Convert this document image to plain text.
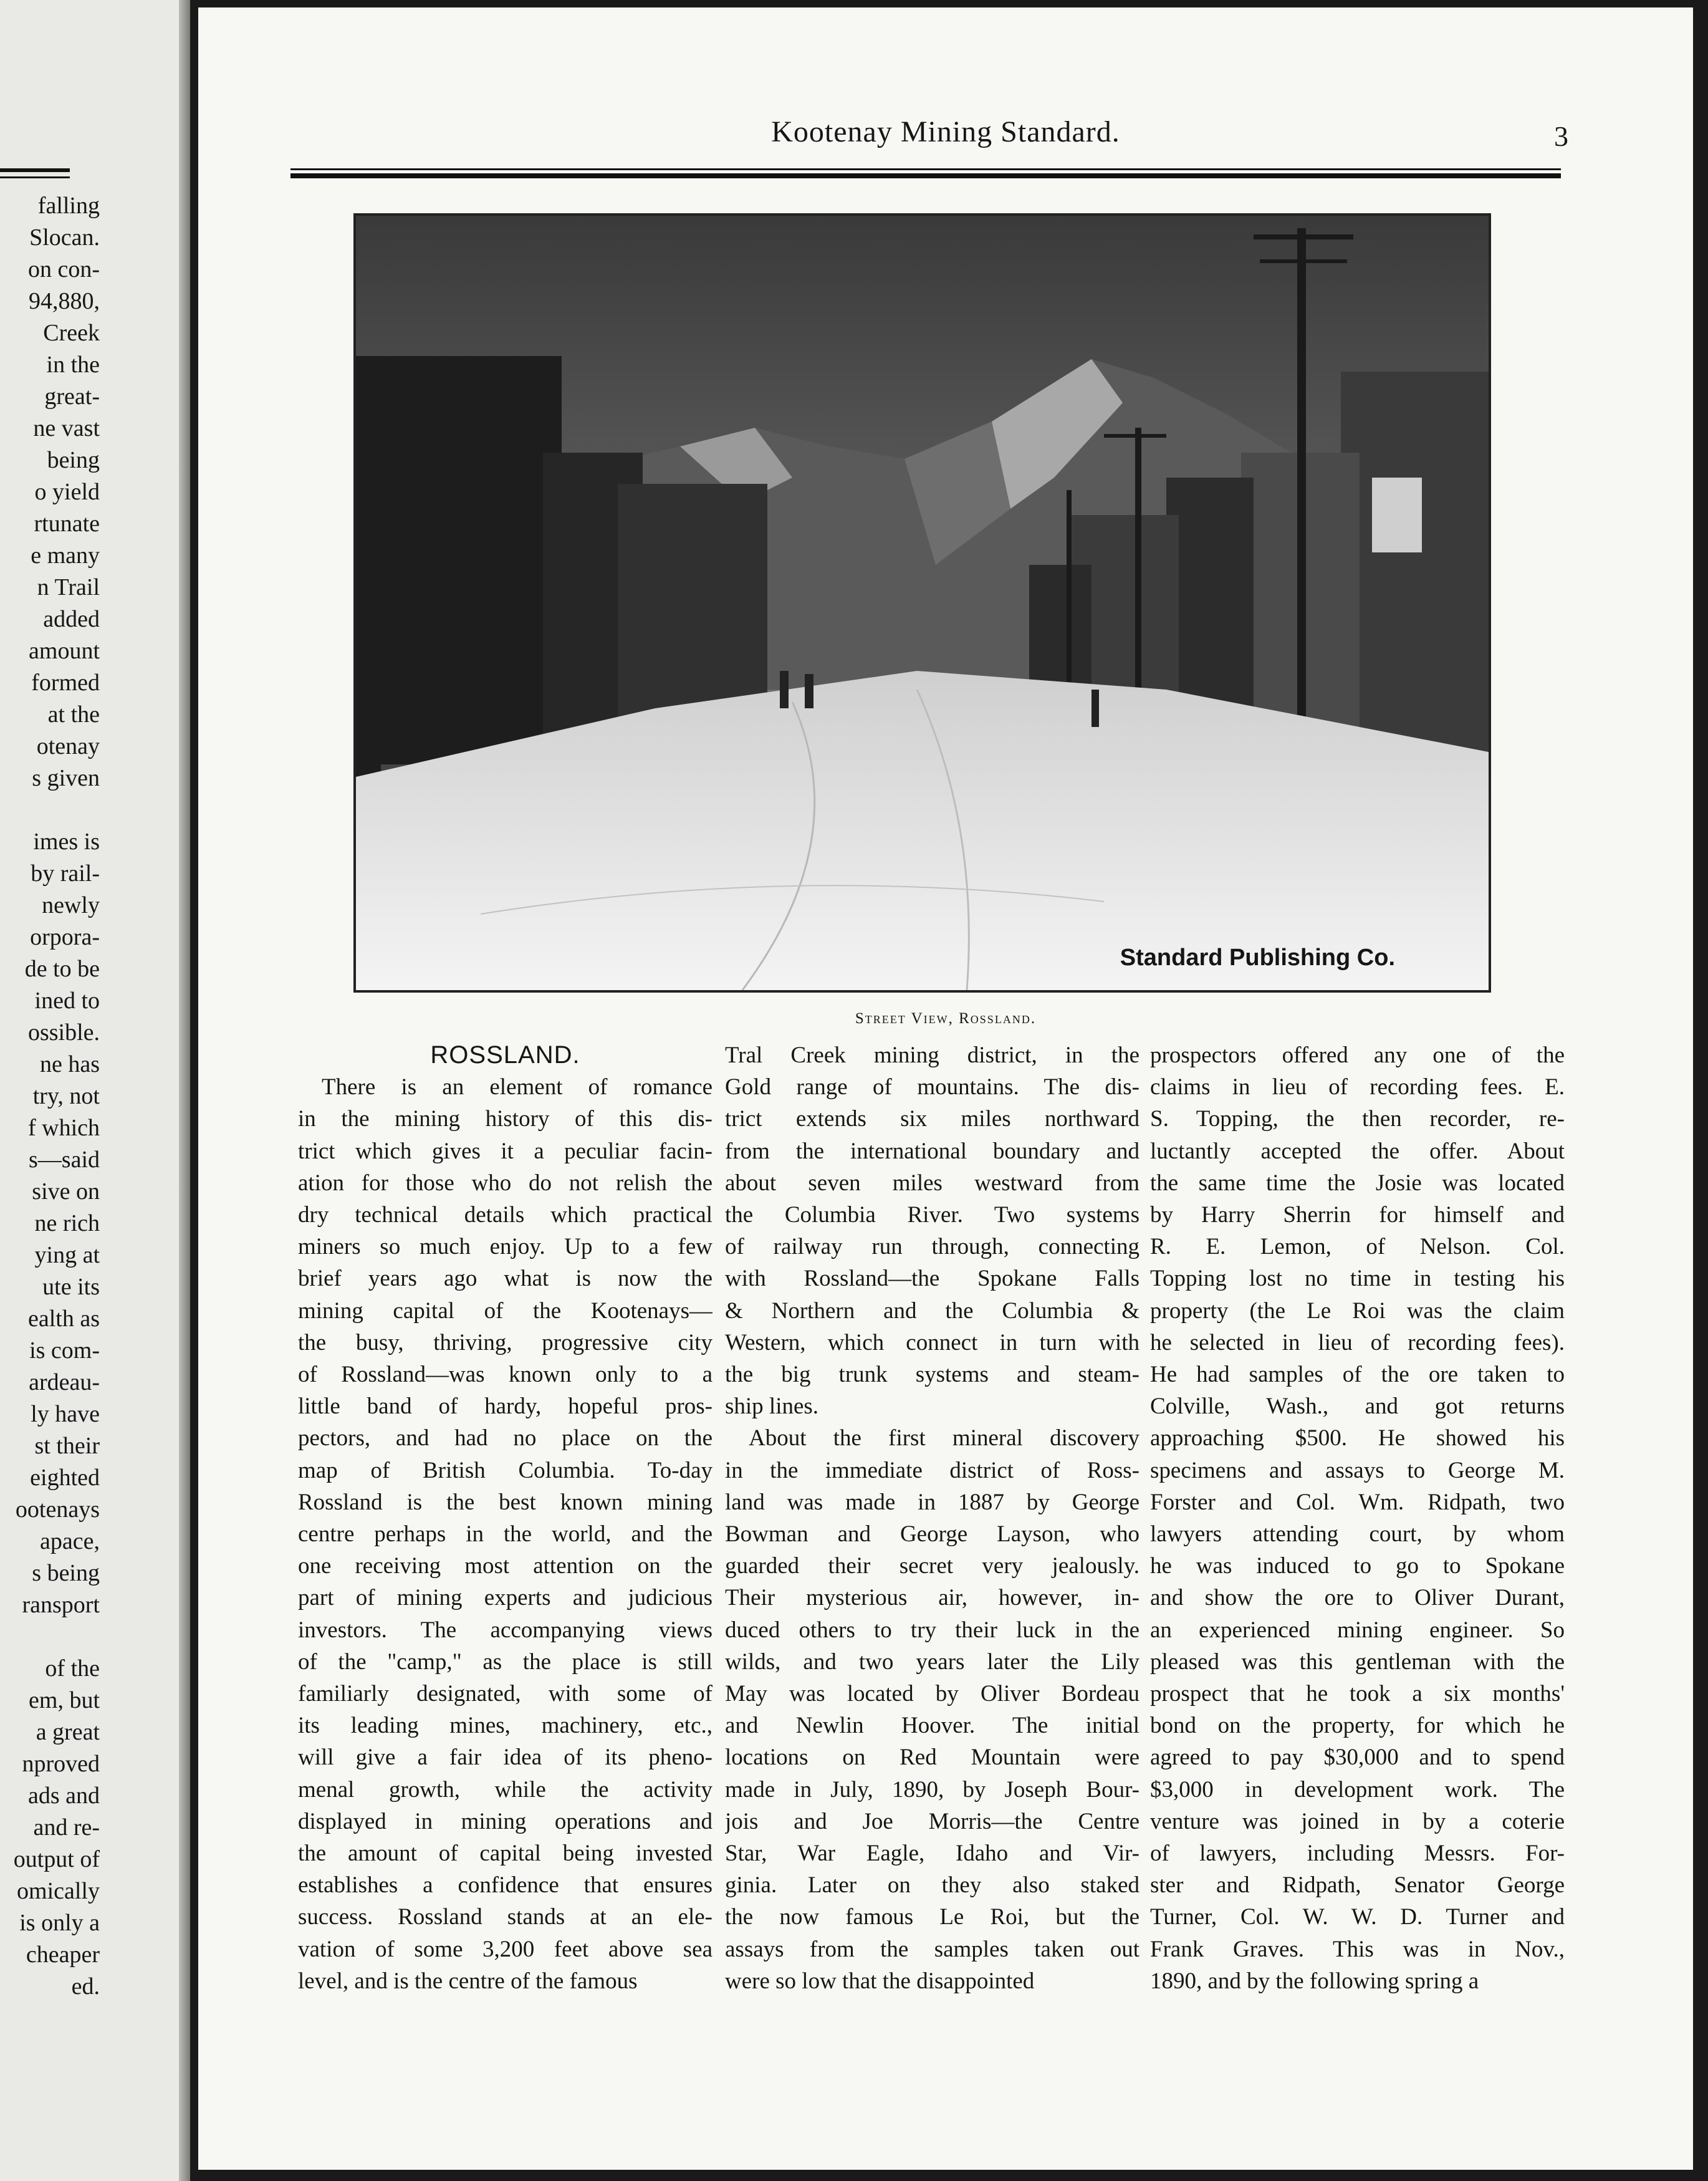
falling
Slocan.
on con-
94,880,
Creek
in the
great-
ne vast
being
o yield
rtunate
e many
n Trail
added
amount
formed
at the
otenay
s given
imes is
by rail-
newly
orpora-
de to be
ined to
ossible.
ne has
try, not
f which
s—said
sive on
ne rich
ying at
ute its
ealth as
is com-
ardeau-
ly have
st their
eighted
ootenays
apace,
s being
ransport
of the
em, but
a great
nproved
ads and
and re-
output of
omically
is only a
cheaper
ed.
Kootenay Mining Standard.	3
Standard Publishing Co.
Street View, Rossland.
ROSSLAND.
There is an element of romance
in the mining history of this dis-
trict which gives it a peculiar facin-
ation for those who do not relish the
dry technical details which practical
miners so much enjoy. Up to a few
brief years ago what is now the
mining capital of the Kootenays—
the busy, thriving, progressive city
of Rossland—was known only to a
little band of hardy, hopeful pros-
pectors, and had no place on the
map of British Columbia. To-day
Rossland is the best known mining
centre perhaps in the world, and the
one receiving most attention on the
part of mining experts and judicious
investors. The accompanying views
of the "camp," as the place is still
familiarly designated, with some of
its leading mines, machinery, etc.,
will give a fair idea of its pheno-
menal growth, while the activity
displayed in mining operations and
the amount of capital being invested
establishes a confidence that ensures
success. Rossland stands at an ele-
vation of some 3,200 feet above sea
level, and is the centre of the famous
Tral Creek mining district, in the
Gold range of mountains. The dis-
trict extends six miles northward
from the international boundary and
about seven miles westward from
the Columbia River. Two systems
of railway run through, connecting
with Rossland—the Spokane Falls
& Northern and the Columbia &
Western, which connect in turn with
the big trunk systems and steam-
ship lines.
About the first mineral discovery
in the immediate district of Ross-
land was made in 1887 by George
Bowman and George Layson, who
guarded their secret very jealously.
Their mysterious air, however, in-
duced others to try their luck in the
wilds, and two years later the Lily
May was located by Oliver Bordeau
and Newlin Hoover. The initial
locations on Red Mountain were
made in July, 1890, by Joseph Bour-
jois and Joe Morris—the Centre
Star, War Eagle, Idaho and Vir-
ginia. Later on they also staked
the now famous Le Roi, but the
assays from the samples taken out
were so low that the disappointed
prospectors offered any one of the
claims in lieu of recording fees. E.
S. Topping, the then recorder, re-
luctantly accepted the offer. About
the same time the Josie was located
by Harry Sherrin for himself and
R. E. Lemon, of Nelson. Col.
Topping lost no time in testing his
property (the Le Roi was the claim
he selected in lieu of recording fees).
He had samples of the ore taken to
Colville, Wash., and got returns
approaching $500. He showed his
specimens and assays to George M.
Forster and Col. Wm. Ridpath, two
lawyers attending court, by whom
he was induced to go to Spokane
and show the ore to Oliver Durant,
an experienced mining engineer. So
pleased was this gentleman with the
prospect that he took a six months'
bond on the property, for which he
agreed to pay $30,000 and to spend
$3,000 in development work. The
venture was joined in by a coterie
of lawyers, including Messrs. For-
ster and Ridpath, Senator George
Turner, Col. W. W. D. Turner and
Frank Graves. This was in Nov.,
1890, and by the following spring a
